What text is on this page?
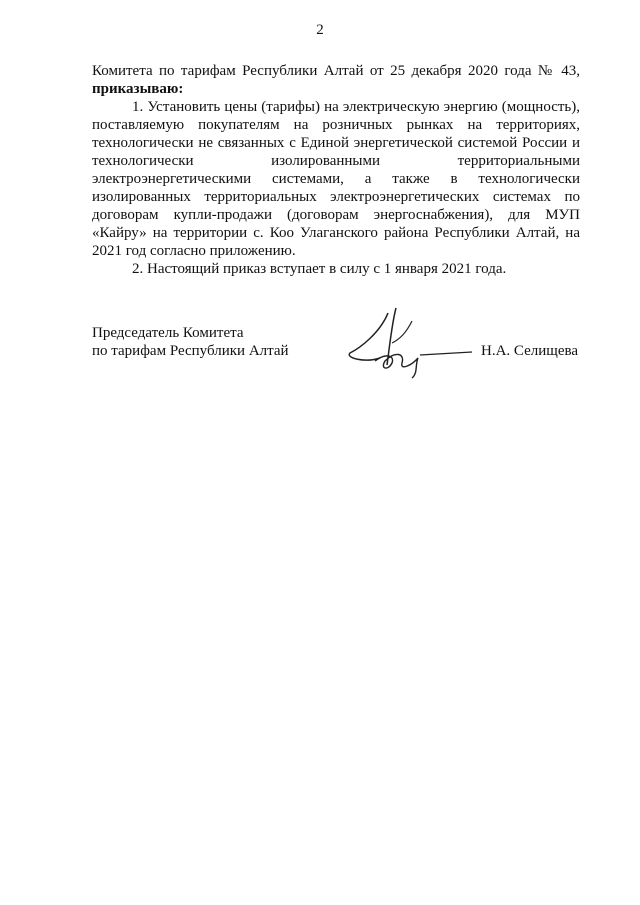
2
Комитета по тарифам Республики Алтай от 25 декабря 2020 года № 43,
приказываю:
1. Установить цены (тарифы) на электрическую энергию (мощность),
поставляемую покупателям на розничных рынках на территориях,
технологически не связанных с Единой энергетической системой России и
технологически изолированными территориальными
электроэнергетическими системами, а также в технологически
изолированных территориальных электроэнергетических системах по
договорам купли-продажи (договорам энергоснабжения), для МУП
«Кайру» на территории с. Коо Улаганского района Республики Алтай, на
2021 год согласно приложению.
2. Настоящий приказ вступает в силу с 1 января 2021 года.
Председатель Комитета
по тарифам Республики Алтай	Н.А. Селищева
